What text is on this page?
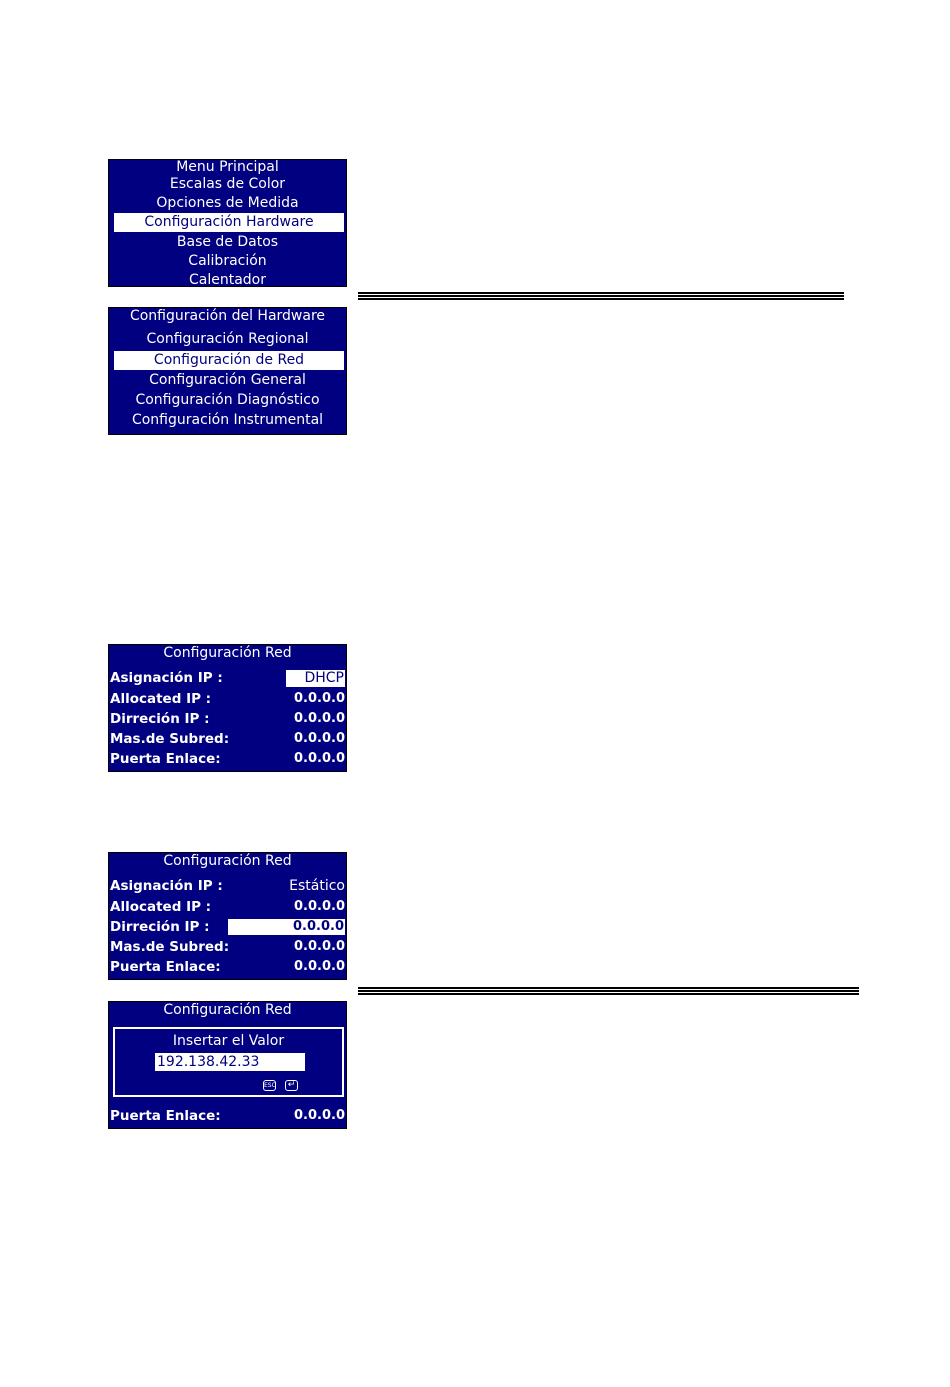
Menu Principal
Escalas de Color
Opciones de Medida
Configuración Hardware
Base de Datos
Calibración
Calentador
Configuración del Hardware
Configuración Regional
Configuración de Red
Configuración General
Configuración Diagnóstico
Configuración Instrumental
Configuración Red
Asignación IP :	DHCP
Allocated IP :	0.0.0.0
Dirreción IP :	0.0.0.0
Mas.de Subred:	0.0.0.0
Puerta Enlace:	0.0.0.0
Configuración Red
Asignación IP :	Estático
Allocated IP :	0.0.0.0
Dirreción IP :	0.0.0.0
Mas.de Subred:	0.0.0.0
Puerta Enlace:	0.0.0.0
Configuración Red
Insertar el Valor
192.138.42.33
ESC	↵
Puerta Enlace:	0.0.0.0
